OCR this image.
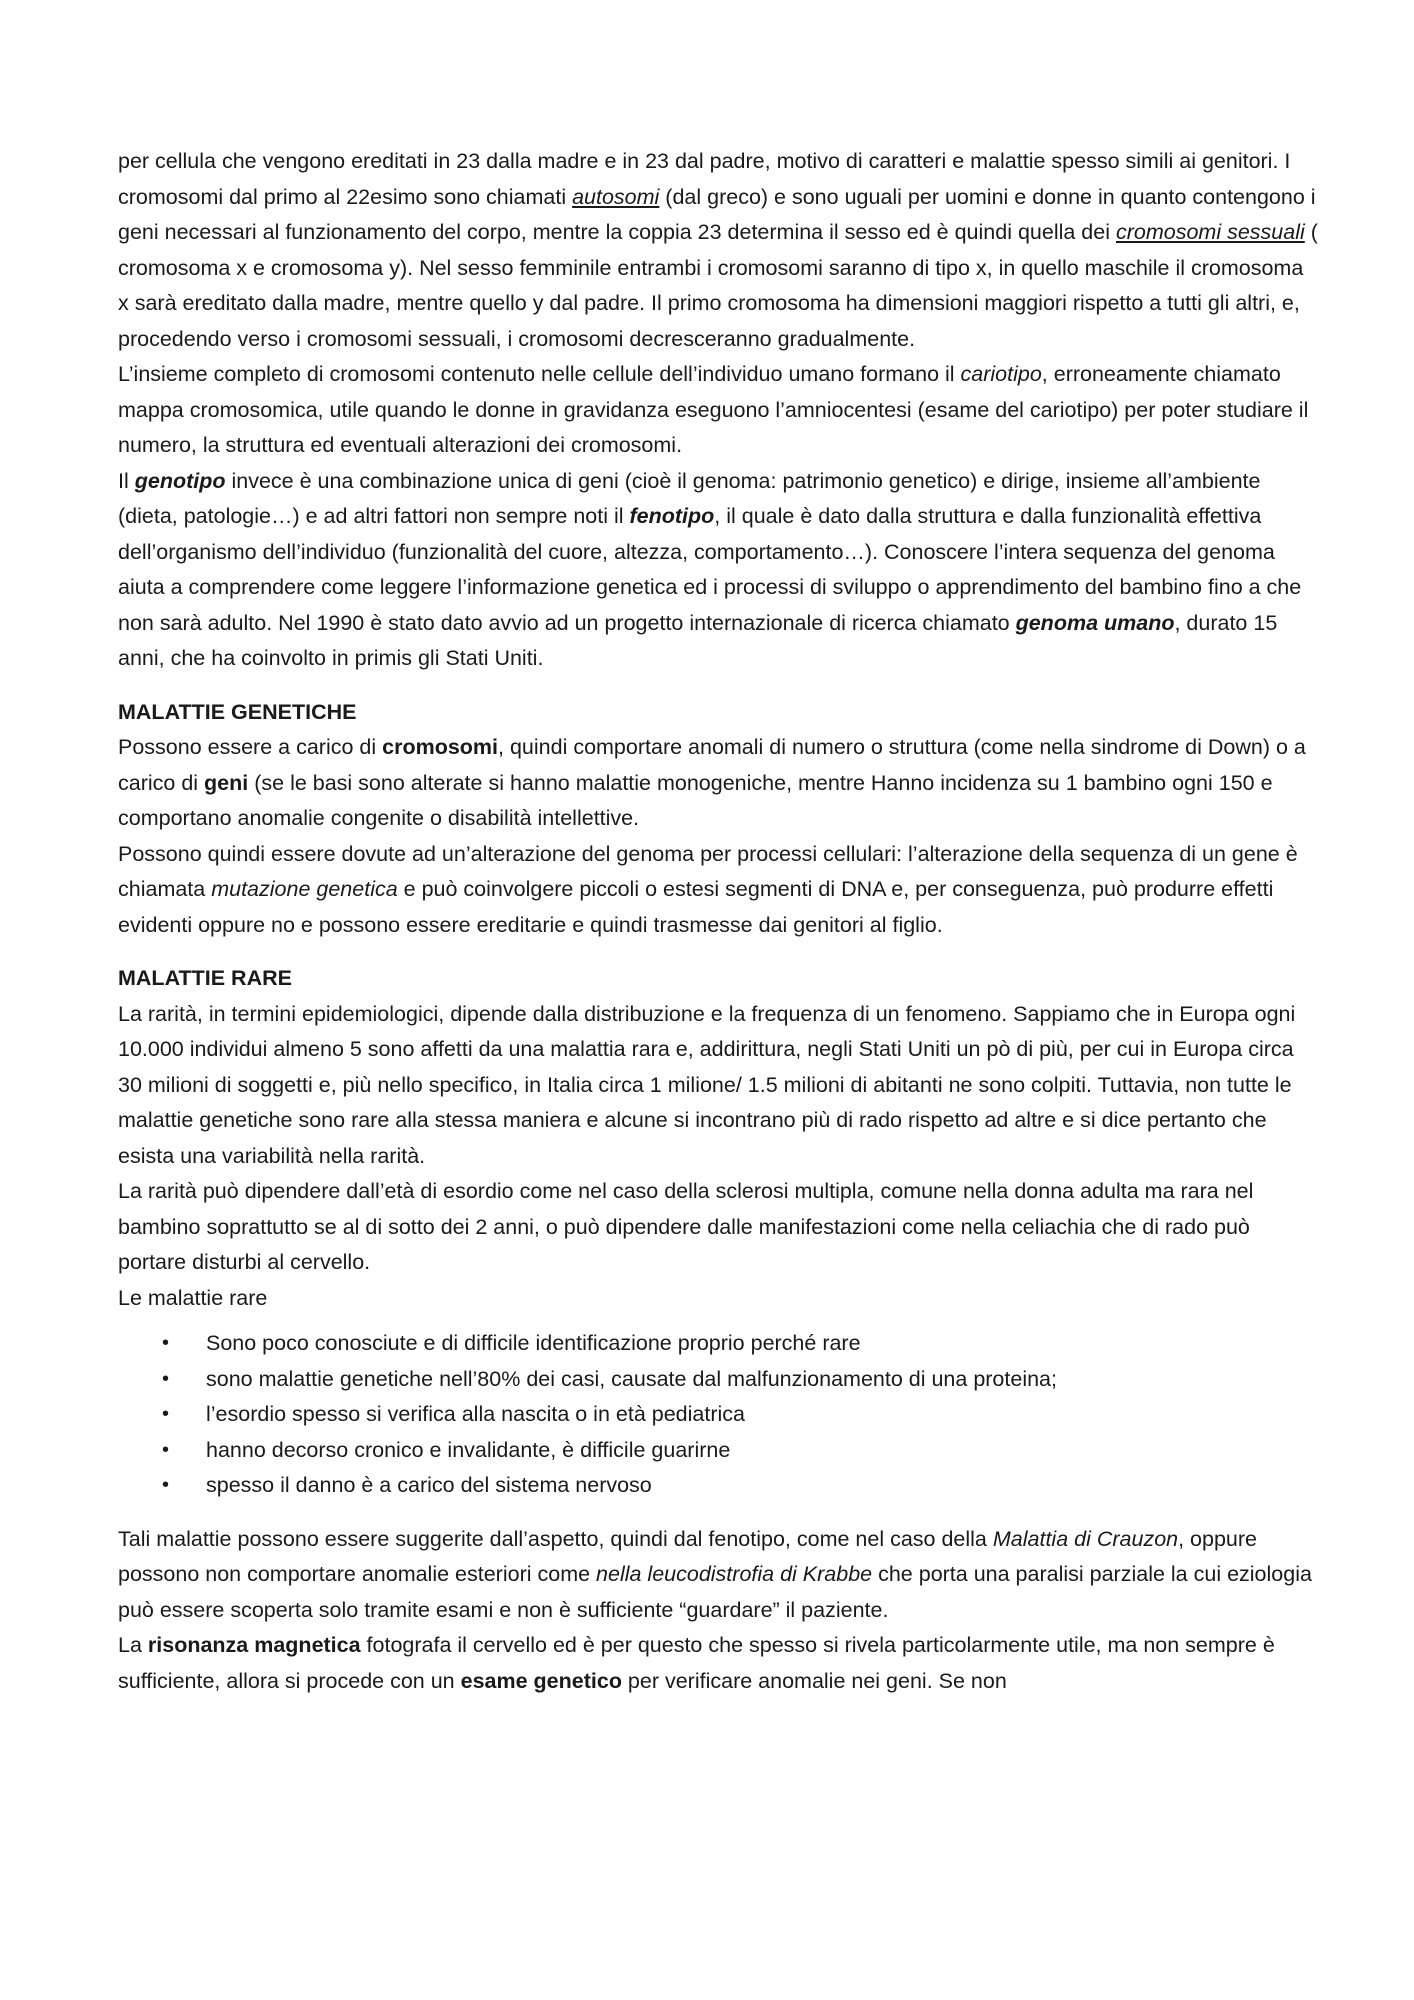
per cellula che vengono ereditati in 23 dalla madre e in 23 dal padre, motivo di caratteri e malattie spesso simili ai genitori. I cromosomi dal primo al 22esimo sono chiamati autosomi (dal greco) e sono uguali per uomini e donne in quanto contengono i geni necessari al funzionamento del corpo, mentre la coppia 23 determina il sesso ed è quindi quella dei cromosomi sessuali ( cromosoma x e cromosoma y). Nel sesso femminile entrambi i cromosomi saranno di tipo x, in quello maschile il cromosoma x sarà ereditato dalla madre, mentre quello y dal padre. Il primo cromosoma ha dimensioni maggiori rispetto a tutti gli altri, e, procedendo verso i cromosomi sessuali, i cromosomi decresceranno gradualmente.

L’insieme completo di cromosomi contenuto nelle cellule dell’individuo umano formano il cariotipo, erroneamente chiamato mappa cromosomica, utile quando le donne in gravidanza eseguono l’amniocentesi (esame del cariotipo) per poter studiare il numero, la struttura ed eventuali alterazioni dei cromosomi.

Il genotipo invece è una combinazione unica di geni (cioè il genoma: patrimonio genetico) e dirige, insieme all’ambiente (dieta, patologie…) e ad altri fattori non sempre noti il fenotipo, il quale è dato dalla struttura e dalla funzionalità effettiva dell’organismo dell’individuo (funzionalità del cuore, altezza, comportamento…). Conoscere l’intera sequenza del genoma aiuta a comprendere come leggere l’informazione genetica ed i processi di sviluppo o apprendimento del bambino fino a che non sarà adulto. Nel 1990 è stato dato avvio ad un progetto internazionale di ricerca chiamato genoma umano, durato 15 anni, che ha coinvolto in primis gli Stati Uniti.

MALATTIE GENETICHE

Possono essere a carico di cromosomi, quindi comportare anomali di numero o struttura (come nella sindrome di Down) o a carico di geni (se le basi sono alterate si hanno malattie monogeniche, mentre Hanno incidenza su 1 bambino ogni 150 e comportano anomalie congenite o disabilità intellettive.

Possono quindi essere dovute ad un’alterazione del genoma per processi cellulari: l’alterazione della sequenza di un gene è chiamata mutazione genetica e può coinvolgere piccoli o estesi segmenti di DNA e, per conseguenza, può produrre effetti evidenti oppure no e possono essere ereditarie e quindi trasmesse dai genitori al figlio.

MALATTIE RARE

La rarità, in termini epidemiologici, dipende dalla distribuzione e la frequenza di un fenomeno. Sappiamo che in Europa ogni 10.000 individui almeno 5 sono affetti da una malattia rara e, addirittura, negli Stati Uniti un pò di più, per cui in Europa circa 30 milioni di soggetti e, più nello specifico, in Italia circa 1 milione/ 1.5 milioni di abitanti ne sono colpiti. Tuttavia, non tutte le malattie genetiche sono rare alla stessa maniera e alcune si incontrano più di rado rispetto ad altre e si dice pertanto che esista una variabilità nella rarità.

La rarità può dipendere dall’età di esordio come nel caso della sclerosi multipla, comune nella donna adulta ma rara nel bambino soprattutto se al di sotto dei 2 anni, o può dipendere dalle manifestazioni come nella celiachia che di rado può portare disturbi al cervello.

Le malattie rare

• Sono poco conosciute e di difficile identificazione proprio perché rare
• sono malattie genetiche nell’80% dei casi, causate dal malfunzionamento di una proteina;
• l’esordio spesso si verifica alla nascita o in età pediatrica
• hanno decorso cronico e invalidante, è difficile guarirne
• spesso il danno è a carico del sistema nervoso

Tali malattie possono essere suggerite dall’aspetto, quindi dal fenotipo, come nel caso della Malattia di Crauzon, oppure possono non comportare anomalie esteriori come nella leucodistrofia di Krabbe che porta una paralisi parziale la cui eziologia può essere scoperta solo tramite esami e non è sufficiente “guardare” il paziente.

La risonanza magnetica fotografa il cervello ed è per questo che spesso si rivela particolarmente utile, ma non sempre è sufficiente, allora si procede con un esame genetico per verificare anomalie nei geni. Se non
